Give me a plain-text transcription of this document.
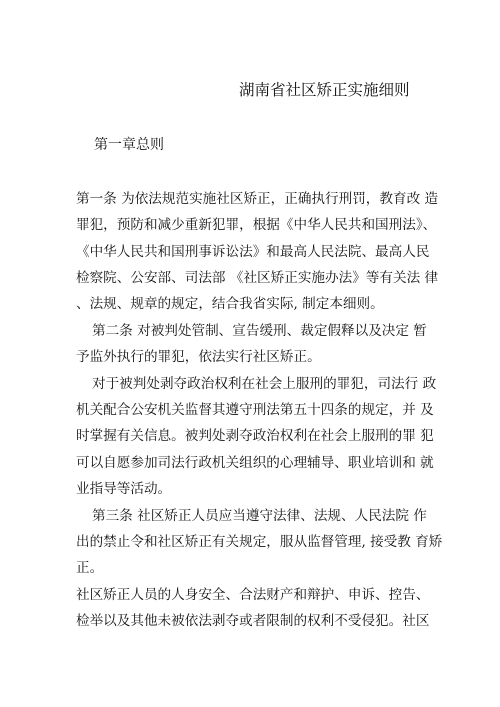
湖南省社区矫正实施细则
第一章总则
第一条 为依法规范实施社区矫正，正确执行刑罚，教育改 造
罪犯，预防和减少重新犯罪，根据《中华人民共和国刑法》、
《中华人民共和国刑事诉讼法》和最高人民法院、最高人民
检察院、公安部、司法部 《社区矫正实施办法》等有关法 律
、法规、规章的规定，结合我省实际, 制定本细则。
第二条 对被判处管制、宣告缓刑、裁定假释以及决定 暂
予监外执行的罪犯，依法实行社区矫正。
对于被判处剥夺政治权利在社会上服刑的罪犯，司法行 政
机关配合公安机关监督其遵守刑法第五十四条的规定，并 及
时掌握有关信息。被判处剥夺政治权利在社会上服刑的罪 犯
可以自愿参加司法行政机关组织的心理辅导、职业培训和 就
业指导等活动。
第三条 社区矫正人员应当遵守法律、法规、人民法院 作
出的禁止令和社区矫正有关规定，服从监督管理, 接受教 育矫
正。
社区矫正人员的人身安全、合法财产和辩护、申诉、控告、
检举以及其他未被依法剥夺或者限制的权利不受侵犯。社区
